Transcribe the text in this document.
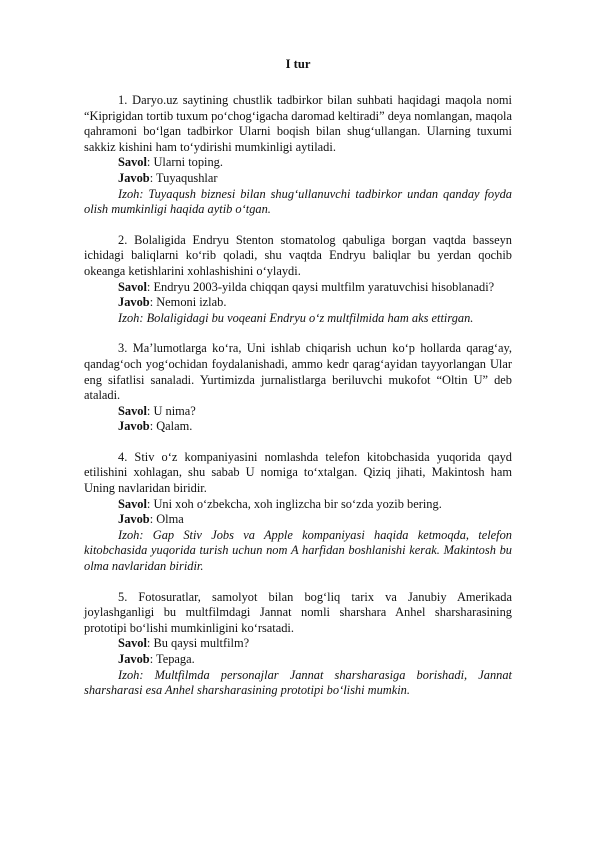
I tur

1. Daryo.uz saytining chustlik tadbirkor bilan suhbati haqidagi maqola nomi “Kiprigidan tortib tuxum po‘chog‘igacha daromad keltiradi” deya nomlangan, maqola qahramoni bo‘lgan tadbirkor Ularni boqish bilan shug‘ullangan. Ularning tuxumi sakkiz kishini ham to‘ydirishi mumkinligi aytiladi.

Savol: Ularni toping.

Javob: Tuyaqushlar

Izoh: Tuyaqush biznesi bilan shug‘ullanuvchi tadbirkor undan qanday foyda olish mumkinligi haqida aytib o‘tgan.

2. Bolaligida Endryu Stenton stomatolog qabuliga borgan vaqtda basseyn ichidagi baliqlarni ko‘rib qoladi, shu vaqtda Endryu baliqlar bu yerdan qochib okeanga ketishlarini xohlashishini o‘ylaydi.

Savol: Endryu 2003-yilda chiqqan qaysi multfilm yaratuvchisi hisoblanadi?

Javob: Nemoni izlab.

Izoh: Bolaligidagi bu voqeani Endryu o‘z multfilmida ham aks ettirgan.

3. Ma’lumotlarga ko‘ra, Uni ishlab chiqarish uchun ko‘p hollarda qarag‘ay, qandag‘och yog‘ochidan foydalanishadi, ammo kedr qarag‘ayidan tayyorlangan Ular eng sifatlisi sanaladi. Yurtimizda jurnalistlarga beriluvchi mukofot “Oltin U” deb ataladi.

Savol: U nima?

Javob: Qalam.

4. Stiv o‘z kompaniyasini nomlashda telefon kitobchasida yuqorida qayd etilishini xohlagan, shu sabab U nomiga to‘xtalgan. Qiziq jihati, Makintosh ham Uning navlaridan biridir.

Savol: Uni xoh o‘zbekcha, xoh inglizcha bir so‘zda yozib bering.

Javob: Olma

Izoh: Gap Stiv Jobs va Apple kompaniyasi haqida ketmoqda, telefon kitobchasida yuqorida turish uchun nom A harfidan boshlanishi kerak. Makintosh bu olma navlaridan biridir.

5. Fotosuratlar, samolyot bilan bog‘liq tarix va Janubiy Amerikada joylashganligi bu multfilmdagi Jannat nomli sharshara Anhel sharsharasining prototipi bo‘lishi mumkinligini ko‘rsatadi.

Savol: Bu qaysi multfilm?

Javob: Tepaga.

Izoh: Multfilmda personajlar Jannat sharsharasiga borishadi, Jannat sharsharasi esa Anhel sharsharasining prototipi bo‘lishi mumkin.
